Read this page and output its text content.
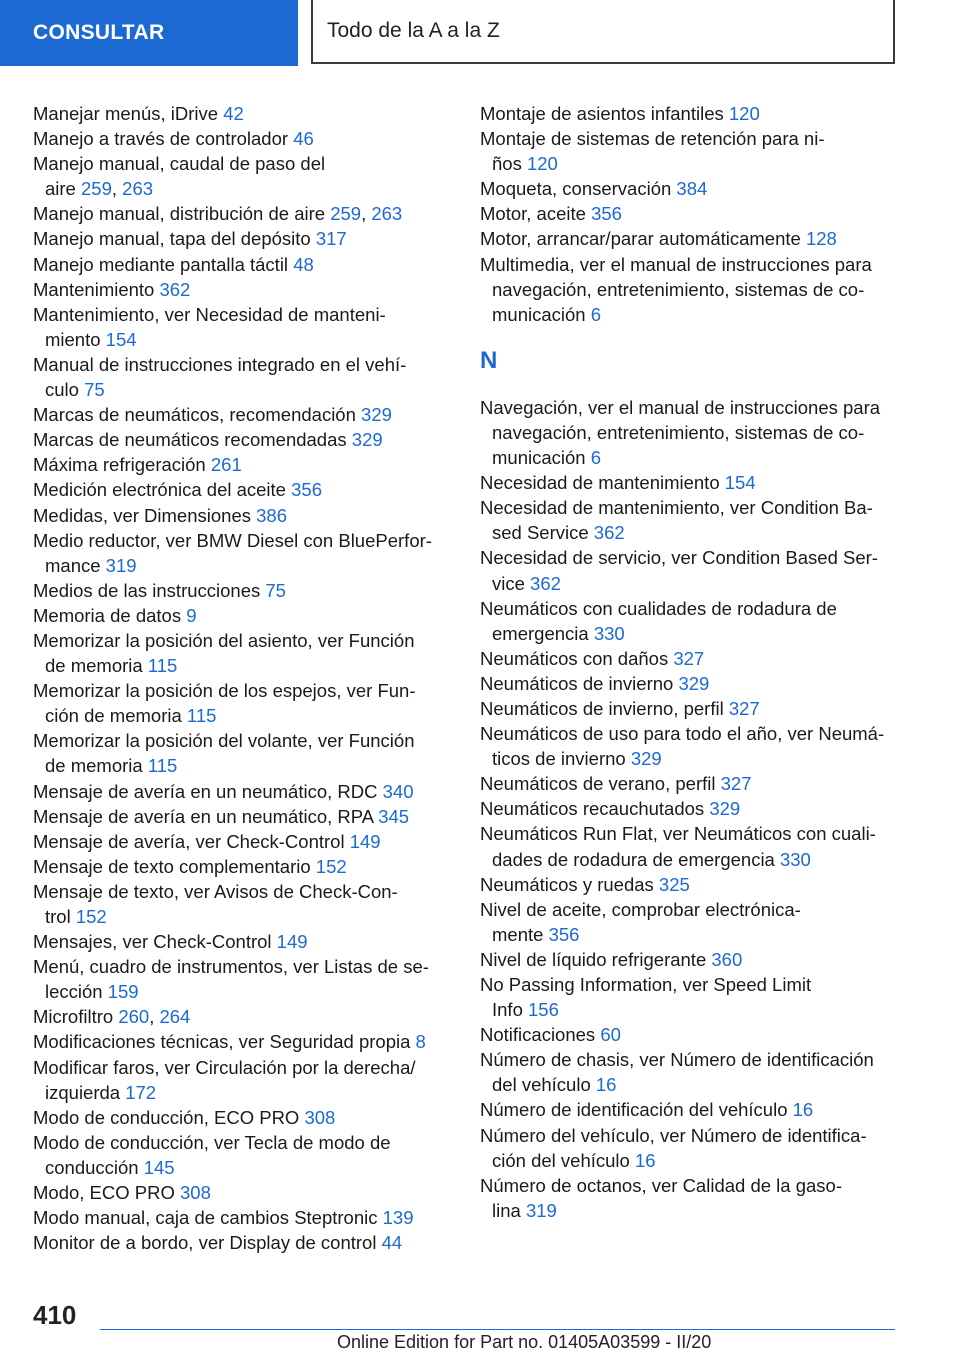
CONSULTAR	Todo de la A a la Z

Manejar menús, iDrive 42

Manejo a través de controlador 46

Manejo manual, caudal de paso del
aire 259, 263

Manejo manual, distribución de aire 259, 263

Manejo manual, tapa del depósito 317

Manejo mediante pantalla táctil 48

Mantenimiento 362

Mantenimiento, ver Necesidad de manteni-
miento 154

Manual de instrucciones integrado en el vehí-
culo 75

Marcas de neumáticos, recomendación 329

Marcas de neumáticos recomendadas 329

Máxima refrigeración 261

Medición electrónica del aceite 356

Medidas, ver Dimensiones 386

Medio reductor, ver BMW Diesel con BluePerfor-
mance 319

Medios de las instrucciones 75

Memoria de datos 9

Memorizar la posición del asiento, ver Función
de memoria 115

Memorizar la posición de los espejos, ver Fun-
ción de memoria 115

Memorizar la posición del volante, ver Función
de memoria 115

Mensaje de avería en un neumático, RDC 340

Mensaje de avería en un neumático, RPA 345

Mensaje de avería, ver Check-Control 149

Mensaje de texto complementario 152

Mensaje de texto, ver Avisos de Check-Con-
trol 152

Mensajes, ver Check-Control 149

Menú, cuadro de instrumentos, ver Listas de se-
lección 159

Microfiltro 260, 264

Modificaciones técnicas, ver Seguridad propia 8

Modificar faros, ver Circulación por la derecha/
izquierda 172

Modo de conducción, ECO PRO 308

Modo de conducción, ver Tecla de modo de
conducción 145

Modo, ECO PRO 308

Modo manual, caja de cambios Steptronic 139

Monitor de a bordo, ver Display de control 44

Montaje de asientos infantiles 120

Montaje de sistemas de retención para ni-
ños 120

Moqueta, conservación 384

Motor, aceite 356

Motor, arrancar/parar automáticamente 128

Multimedia, ver el manual de instrucciones para
navegación, entretenimiento, sistemas de co-
municación 6

N

Navegación, ver el manual de instrucciones para
navegación, entretenimiento, sistemas de co-
municación 6

Necesidad de mantenimiento 154

Necesidad de mantenimiento, ver Condition Ba-
sed Service 362

Necesidad de servicio, ver Condition Based Ser-
vice 362

Neumáticos con cualidades de rodadura de
emergencia 330

Neumáticos con daños 327

Neumáticos de invierno 329

Neumáticos de invierno, perfil 327

Neumáticos de uso para todo el año, ver Neumá-
ticos de invierno 329

Neumáticos de verano, perfil 327

Neumáticos recauchutados 329

Neumáticos Run Flat, ver Neumáticos con cuali-
dades de rodadura de emergencia 330

Neumáticos y ruedas 325

Nivel de aceite, comprobar electrónica-
mente 356

Nivel de líquido refrigerante 360

No Passing Information, ver Speed Limit
Info 156

Notificaciones 60

Número de chasis, ver Número de identificación
del vehículo 16

Número de identificación del vehículo 16

Número del vehículo, ver Número de identifica-
ción del vehículo 16

Número de octanos, ver Calidad de la gaso-
lina 319

410
Online Edition for Part no. 01405A03599 - II/20
